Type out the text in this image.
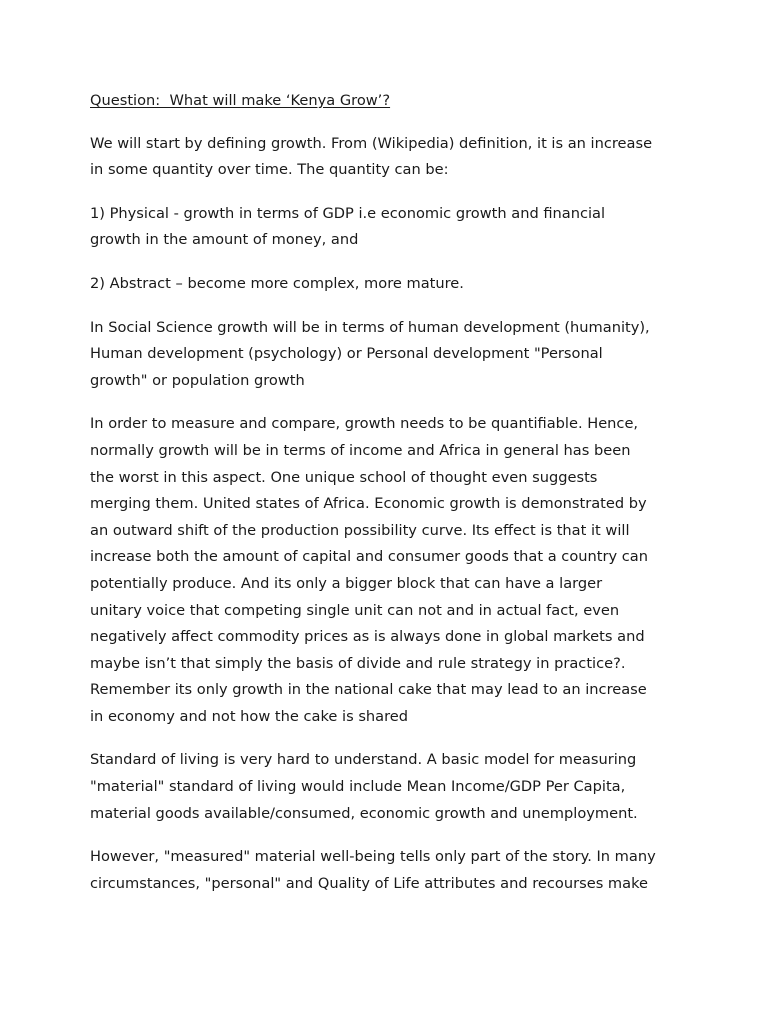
Question:  What will make ‘Kenya Grow’?
We will start by defining growth. From (Wikipedia) definition, it is an increase
in some quantity over time. The quantity can be:
1) Physical - growth in terms of GDP i.e economic growth and financial
growth in the amount of money, and
2) Abstract – become more complex, more mature.
In Social Science growth will be in terms of human development (humanity),
Human development (psychology) or Personal development "Personal
growth" or population growth
In order to measure and compare, growth needs to be quantifiable. Hence,
normally growth will be in terms of income and Africa in general has been
the worst in this aspect. One unique school of thought even suggests
merging them. United states of Africa. Economic growth is demonstrated by
an outward shift of the production possibility curve. Its effect is that it will
increase both the amount of capital and consumer goods that a country can
potentially produce. And its only a bigger block that can have a larger
unitary voice that competing single unit can not and in actual fact, even
negatively affect commodity prices as is always done in global markets and
maybe isn’t that simply the basis of divide and rule strategy in practice?.
Remember its only growth in the national cake that may lead to an increase
in economy and not how the cake is shared
Standard of living is very hard to understand. A basic model for measuring
"material" standard of living would include Mean Income/GDP Per Capita,
material goods available/consumed, economic growth and unemployment.
However, "measured" material well-being tells only part of the story. In many
circumstances, "personal" and Quality of Life attributes and recourses make
